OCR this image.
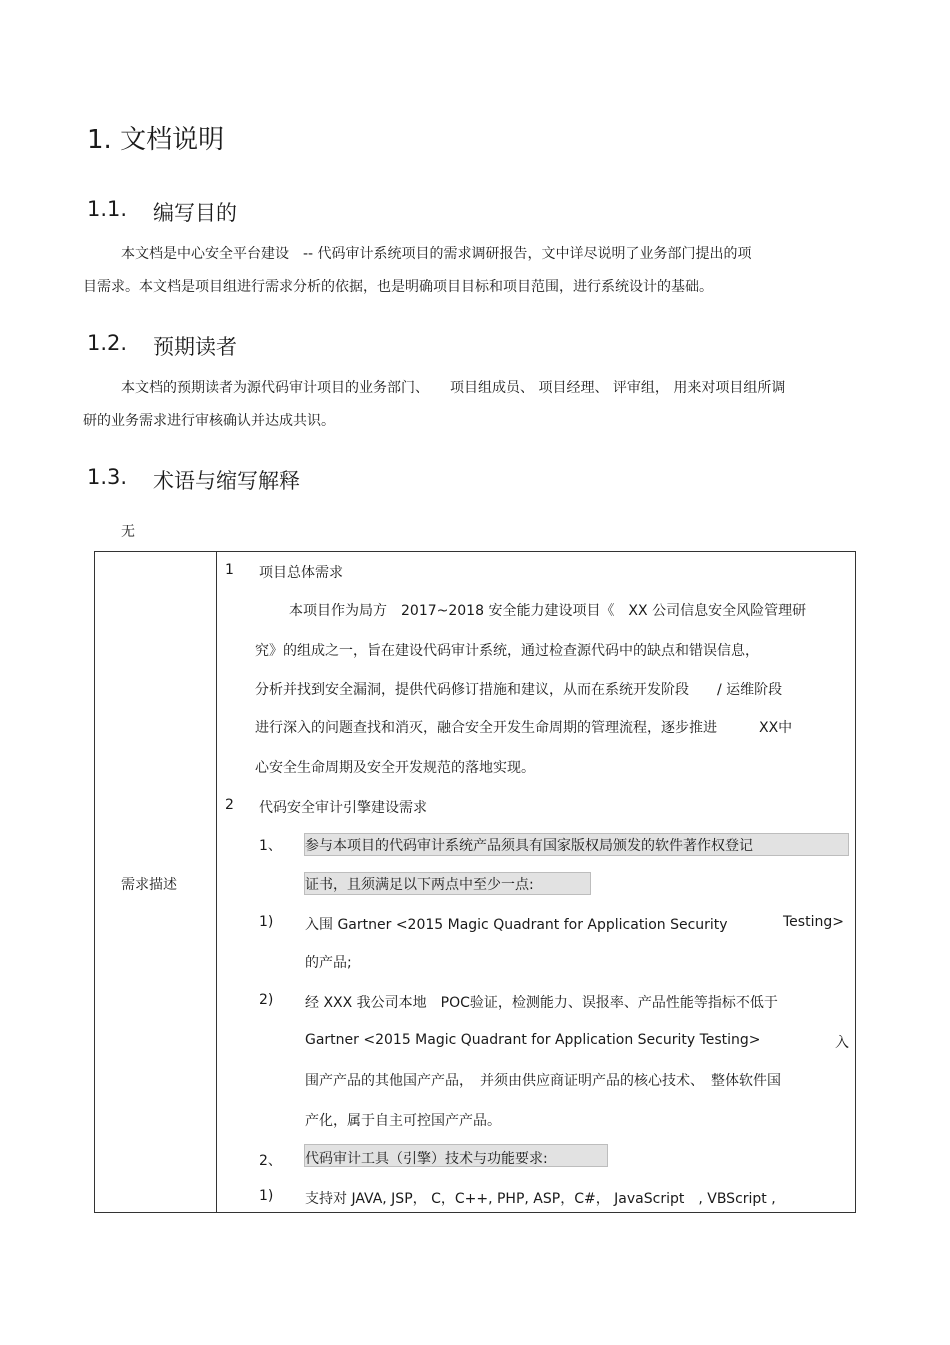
1. 文档说明
1.1. 编写目的
本文档是中心安全平台建设　-- 代码审计系统项目的需求调研报告，文中详尽说明了业务部门提出的项
目需求。本文档是项目组进行需求分析的依据，也是明确项目目标和项目范围，进行系统设计的基础。
1.2. 预期读者
本文档的预期读者为源代码审计项目的业务部门、　　项目组成员、 项目经理、 评审组， 用来对项目组所调
研的业务需求进行审核确认并达成共识。
1.3. 术语与缩写解释
无
需求描述

1 项目总体需求
本项目作为局方　2017~2018 安全能力建设项目《　XX 公司信息安全风险管理研
究》的组成之一，旨在建设代码审计系统，通过检查源代码中的缺点和错误信息，
分析并找到安全漏洞，提供代码修订措施和建议，从而在系统开发阶段　　/ 运维阶段
进行深入的问题查找和消灭，融合安全开发生命周期的管理流程，逐步推进　　　XX中
心安全生命周期及安全开发规范的落地实现。
2 代码安全审计引擎建设需求
1、 参与本项目的代码审计系统产品须具有国家版权局颁发的软件著作权登记
证书，且须满足以下两点中至少一点:
1) 入围 Gartner <2015 Magic Quadrant for Application Security	Testing>
的产品;
2) 经 XXX 我公司本地　POC验证，检测能力、误报率、产品性能等指标不低于
Gartner <2015 Magic Quadrant for Application Security Testing>	入
围产产品的其他国产产品，　并须由供应商证明产品的核心技术、　整体软件国
产化，属于自主可控国产产品。
2、 代码审计工具（引擎）技术与功能要求:
1) 支持对 JAVA, JSP， C，C++, PHP, ASP，C#， JavaScript　, VBScript ,
